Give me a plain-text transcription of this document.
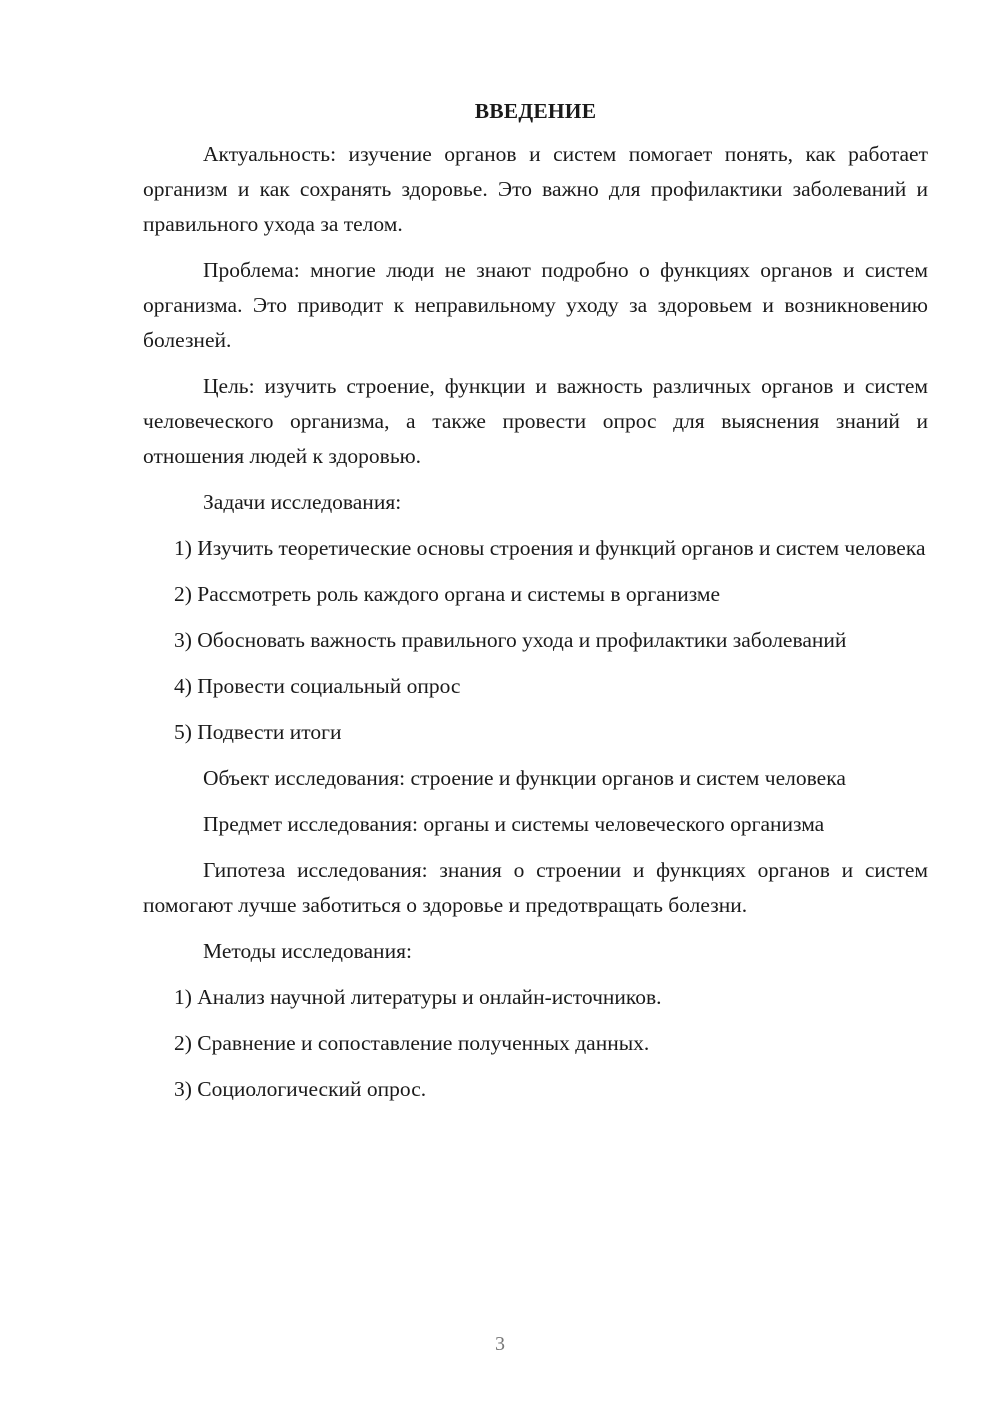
ВВЕДЕНИЕ

Актуальность: изучение органов и систем помогает понять, как работает организм и как сохранять здоровье. Это важно для профилактики заболеваний и правильного ухода за телом.

Проблема: многие люди не знают подробно о функциях органов и систем организма. Это приводит к неправильному уходу за здоровьем и возникновению болезней.

Цель: изучить строение, функции и важность различных органов и систем человеческого организма, а также провести опрос для выяснения знаний и отношения людей к здоровью.

Задачи исследования:

1) Изучить теоретические основы строения и функций органов и систем человека

2) Рассмотреть роль каждого органа и системы в организме

3) Обосновать важность правильного ухода и профилактики заболеваний

4) Провести социальный опрос

5) Подвести итоги

Объект исследования: строение и функции органов и систем человека

Предмет исследования: органы и системы человеческого организма

Гипотеза исследования: знания о строении и функциях органов и систем помогают лучше заботиться о здоровье и предотвращать болезни.

Методы исследования:

1) Анализ научной литературы и онлайн-источников.

2) Сравнение и сопоставление полученных данных.

3) Социологический опрос.

3
